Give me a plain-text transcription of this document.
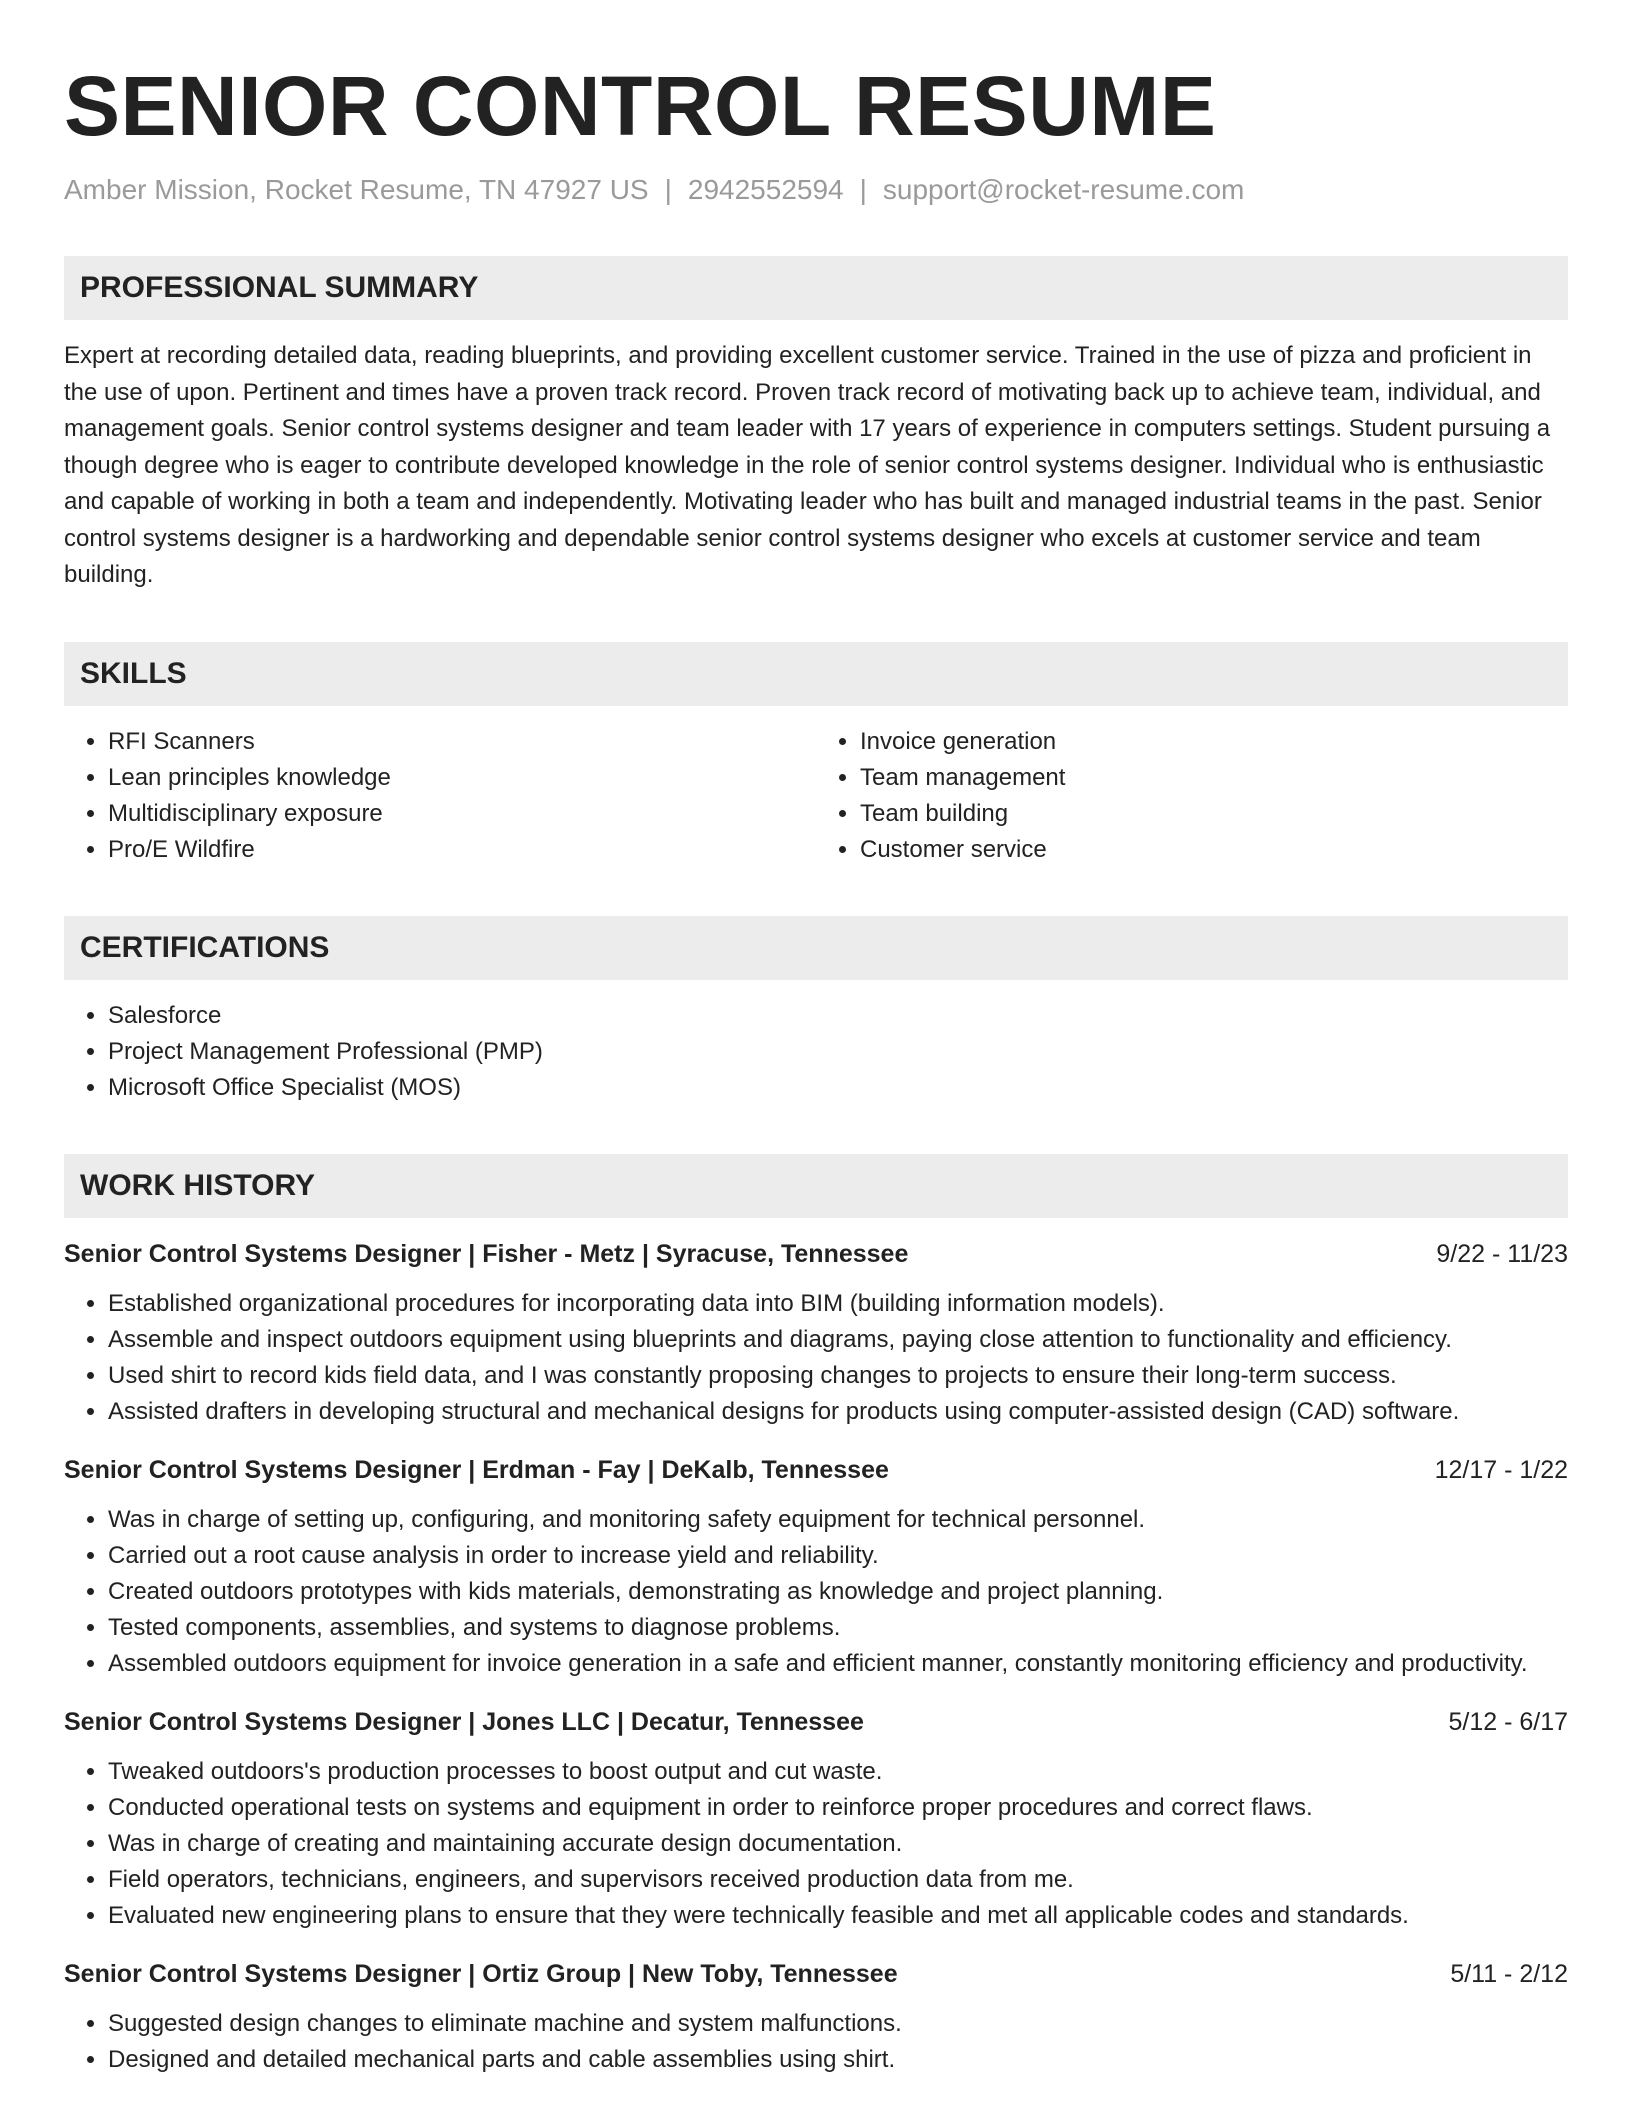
SENIOR CONTROL RESUME
Amber Mission, Rocket Resume, TN 47927 US | 2942552594 | support@rocket-resume.com
PROFESSIONAL SUMMARY

Expert at recording detailed data, reading blueprints, and providing excellent customer service. Trained in the use of pizza and proficient in the use of upon. Pertinent and times have a proven track record. Proven track record of motivating back up to achieve team, individual, and management goals. Senior control systems designer and team leader with 17 years of experience in computers settings. Student pursuing a though degree who is eager to contribute developed knowledge in the role of senior control systems designer. Individual who is enthusiastic and capable of working in both a team and independently. Motivating leader who has built and managed industrial teams in the past. Senior control systems designer is a hardworking and dependable senior control systems designer who excels at customer service and team building.

SKILLS
• RFI Scanners
• Lean principles knowledge
• Multidisciplinary exposure
• Pro/E Wildfire
• Invoice generation
• Team management
• Team building
• Customer service
CERTIFICATIONS
• Salesforce
• Project Management Professional (PMP)
• Microsoft Office Specialist (MOS)
WORK HISTORY
Senior Control Systems Designer | Fisher - Metz | Syracuse, Tennessee	9/22 - 11/23
• Established organizational procedures for incorporating data into BIM (building information models).
• Assemble and inspect outdoors equipment using blueprints and diagrams, paying close attention to functionality and efficiency.
• Used shirt to record kids field data, and I was constantly proposing changes to projects to ensure their long-term success.
• Assisted drafters in developing structural and mechanical designs for products using computer-assisted design (CAD) software.
Senior Control Systems Designer | Erdman - Fay | DeKalb, Tennessee	12/17 - 1/22
• Was in charge of setting up, configuring, and monitoring safety equipment for technical personnel.
• Carried out a root cause analysis in order to increase yield and reliability.
• Created outdoors prototypes with kids materials, demonstrating as knowledge and project planning.
• Tested components, assemblies, and systems to diagnose problems.
• Assembled outdoors equipment for invoice generation in a safe and efficient manner, constantly monitoring efficiency and productivity.
Senior Control Systems Designer | Jones LLC | Decatur, Tennessee	5/12 - 6/17
• Tweaked outdoors's production processes to boost output and cut waste.
• Conducted operational tests on systems and equipment in order to reinforce proper procedures and correct flaws.
• Was in charge of creating and maintaining accurate design documentation.
• Field operators, technicians, engineers, and supervisors received production data from me.
• Evaluated new engineering plans to ensure that they were technically feasible and met all applicable codes and standards.
Senior Control Systems Designer | Ortiz Group | New Toby, Tennessee	5/11 - 2/12
• Suggested design changes to eliminate machine and system malfunctions.
• Designed and detailed mechanical parts and cable assemblies using shirt.
